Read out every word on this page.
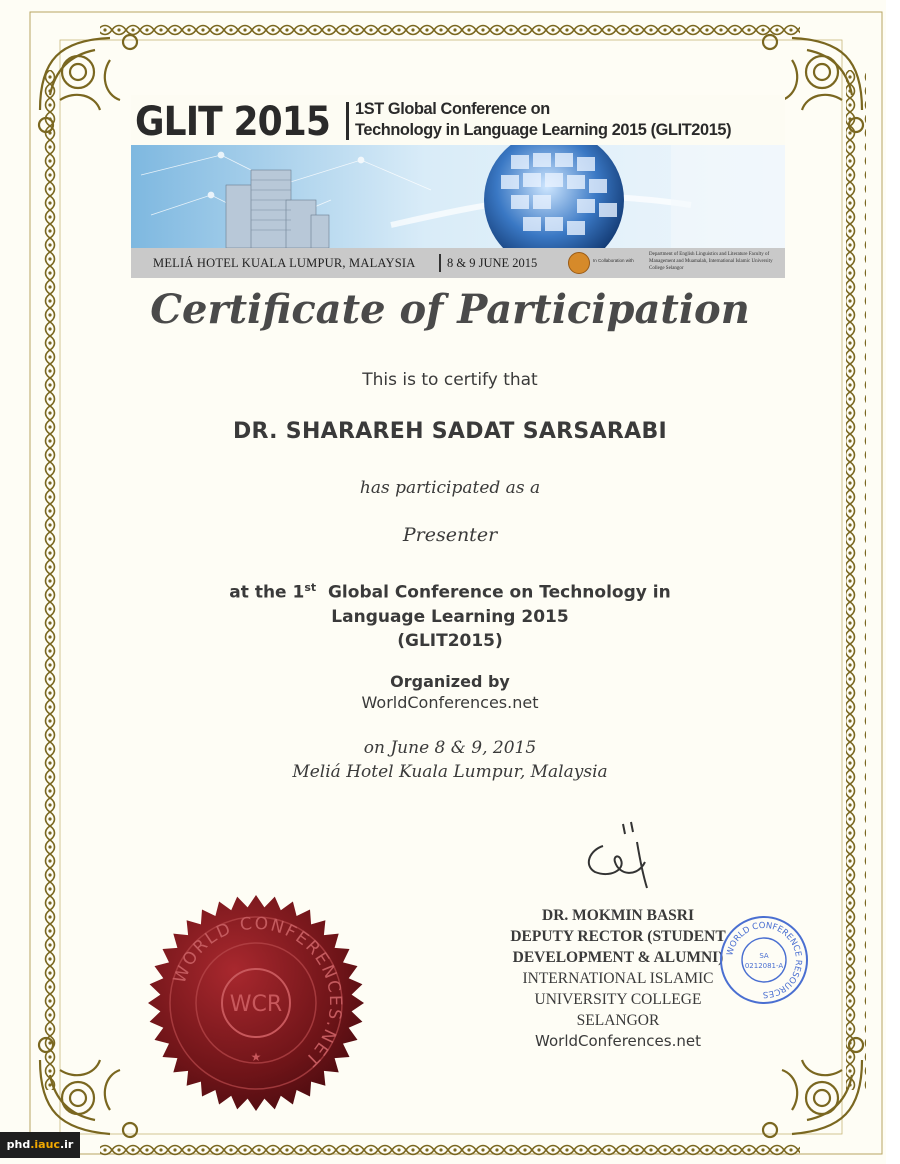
GLIT 2015 1ST Global Conference on
Technology in Language Learning 2015 (GLIT2015)
MELIÁ HOTEL KUALA LUMPUR, MALAYSIA	8 & 9 JUNE 2015	In Collaboration with
Department of English Linguistics and Literature Faculty of Management and Muamalah, International Islamic University College Selangor
Certificate of Participation
This is to certify that
DR. SHARAREH SADAT SARSARABI
has participated as a
Presenter
at the 1st  Global Conference on Technology in
Language Learning 2015
(GLIT2015)
Organized by
WorldConferences.net
on June 8 & 9, 2015
Meliá Hotel Kuala Lumpur, Malaysia
DR. MOKMIN BASRI
DEPUTY RECTOR (STUDENT
DEVELOPMENT & ALUMNI)
INTERNATIONAL ISLAMIC
UNIVERSITY COLLEGE
SELANGOR
WorldConferences.net
WORLD CONFERENCE RESOURCES
SA
0212081-A
WORLD CONFERENCES.NET
WCR
★
phd.iauc.ir
